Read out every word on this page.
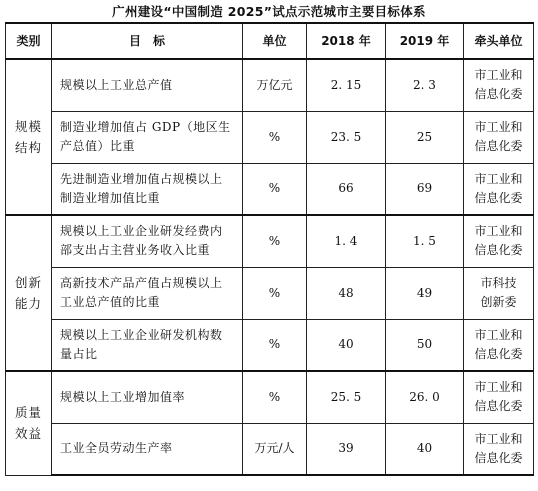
广州建设“中国制造 2025”试点示范城市主要目标体系
类别	目　标	单位	2018 年	2019 年	牵头单位

规模
结构	规模以上工业总产值	万亿元	2. 15	2. 3	市工业和
信息化委

	制造业增加值占 GDP（地区生产总值）比重	%	23. 5	25	市工业和
信息化委

	先进制造业增加值占规模以上制造业增加值比重	%	66	69	市工业和
信息化委

创新
能力	规模以上工业企业研发经费内部支出占主营业务收入比重	%	1. 4	1. 5	市工业和
信息化委

	高新技术产品产值占规模以上工业总产值的比重	%	48	49	市科技
创新委

	规模以上工业企业研发机构数量占比	%	40	50	市工业和
信息化委

质量
效益	规模以上工业增加值率	%	25. 5	26. 0	市工业和
信息化委

	工业全员劳动生产率	万元/人	39	40	市工业和
信息化委
